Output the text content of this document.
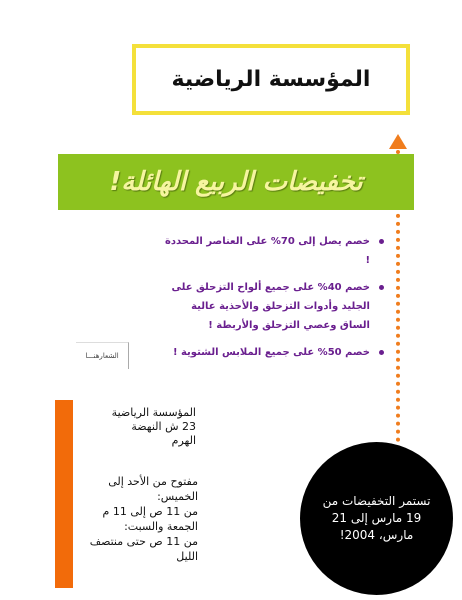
المؤسسة الرياضية
تخفيضات الربيع الهائلة!
خصم يصل إلى 70% على العناصر المحددة !
خصم 40% على جميع ألواح التزحلق على الجليد وأدوات التزحلق والأحذية عالية الساق وعصي التزحلق والأربطة !
خصم 50% على جميع الملابس الشتوية !
الشعارهنـــا
المؤسسة الرياضية
23 ش النهضة
الهرم
مفتوح من الأحد إلى الخميس:
من 11 ص إلى 11 م
الجمعة والسبت:
من 11 ص حتى منتصف الليل
تستمر التخفيضات من
19 مارس إلى 21
مارس، 2004!
